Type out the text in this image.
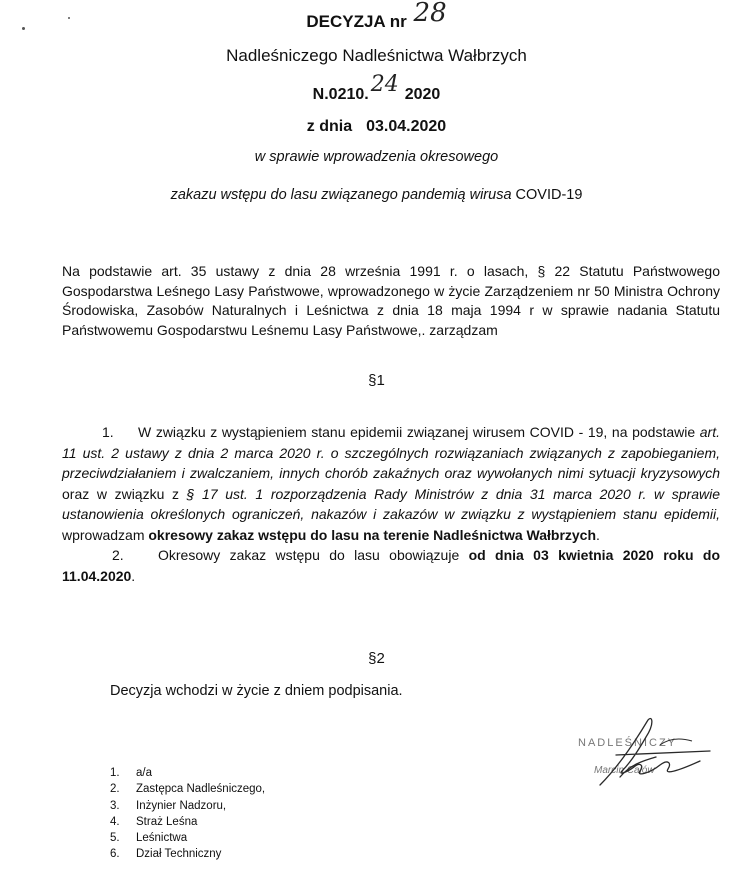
DECYZJA nr 28
Nadleśniczego Nadleśnictwa Wałbrzych
N.0210.24 2020
z dnia 03.04.2020
w sprawie wprowadzenia okresowego
zakazu wstępu do lasu związanego pandemią wirusa COVID-19
Na podstawie art. 35 ustawy z dnia 28 września 1991 r. o lasach, § 22 Statutu Państwowego Gospodarstwa Leśnego Lasy Państwowe, wprowadzonego w życie Zarządzeniem nr 50 Ministra Ochrony Środowiska, Zasobów Naturalnych i Leśnictwa z dnia 18 maja 1994 r w sprawie nadania Statutu Państwowemu Gospodarstwu Leśnemu Lasy Państwowe,. zarządzam
§1
1. W związku z wystąpieniem stanu epidemii związanej wirusem COVID - 19, na podstawie art. 11 ust. 2 ustawy z dnia 2 marca 2020 r. o szczególnych rozwiązaniach związanych z zapobieganiem, przeciwdziałaniem i zwalczaniem, innych chorób zakaźnych oraz wywołanych nimi sytuacji kryzysowych oraz w związku z § 17 ust. 1 rozporządzenia Rady Ministrów z dnia 31 marca 2020 r. w sprawie ustanowienia określonych ograniczeń, nakazów i zakazów w związku z wystąpieniem stanu epidemii, wprowadzam okresowy zakaz wstępu do lasu na terenie Nadleśnictwa Wałbrzych.
2. Okresowy zakaz wstępu do lasu obowiązuje od dnia 03 kwietnia 2020 roku do 11.04.2020.
§2
Decyzja wchodzi w życie z dniem podpisania.
NADLEŚNICZY
Marcin Całów
1.	a/a
2.	Zastępca Nadleśniczego,
3.	Inżynier Nadzoru,
4.	Straż Leśna
5.	Leśnictwa
6.	Dział Techniczny
